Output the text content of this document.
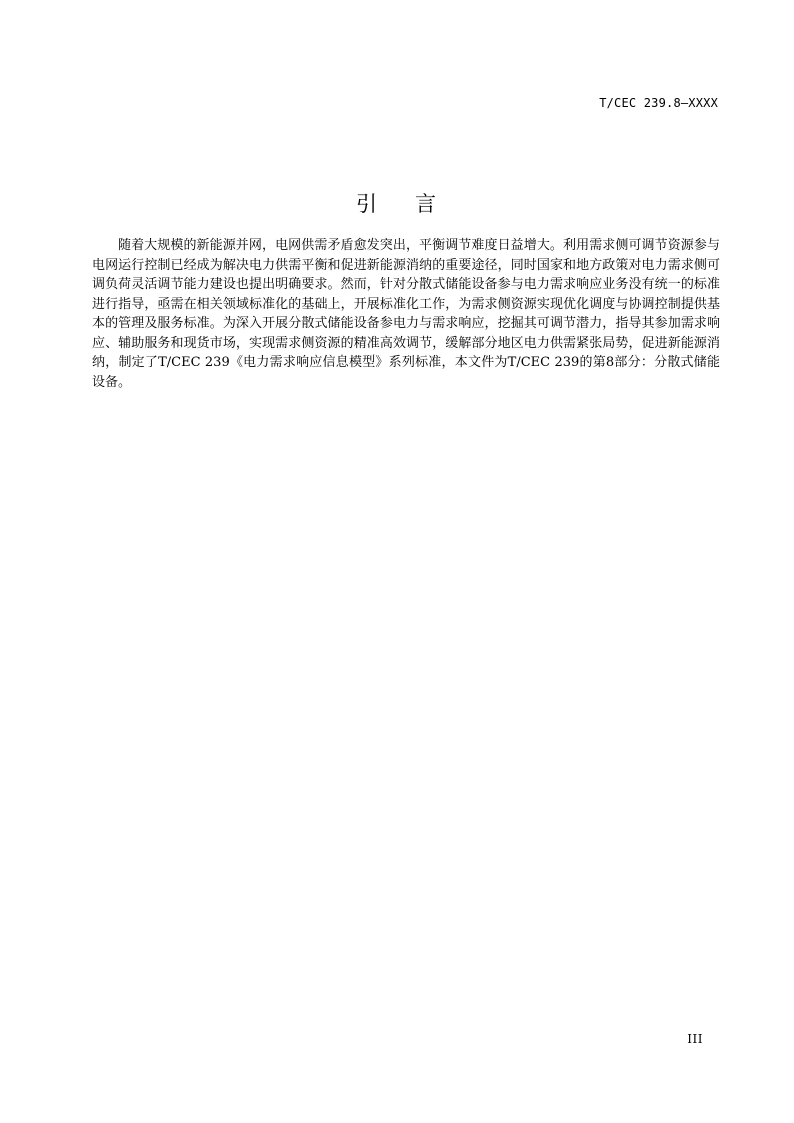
T/CEC 239.8—XXXX
引 言

随着大规模的新能源并网，电网供需矛盾愈发突出，平衡调节难度日益增大。利用需求侧可调节资源参与电网运行控制已经成为解决电力供需平衡和促进新能源消纳的重要途径，同时国家和地方政策对电力需求侧可调负荷灵活调节能力建设也提出明确要求。然而，针对分散式储能设备参与电力需求响应业务没有统一的标准进行指导，亟需在相关领域标准化的基础上，开展标准化工作，为需求侧资源实现优化调度与协调控制提供基本的管理及服务标准。为深入开展分散式储能设备参电力与需求响应，挖掘其可调节潜力，指导其参加需求响应、辅助服务和现货市场，实现需求侧资源的精准高效调节，缓解部分地区电力供需紧张局势，促进新能源消纳，制定了T/CEC 239《电力需求响应信息模型》系列标准，本文件为T/CEC 239的第8部分：分散式储能设备。

III
